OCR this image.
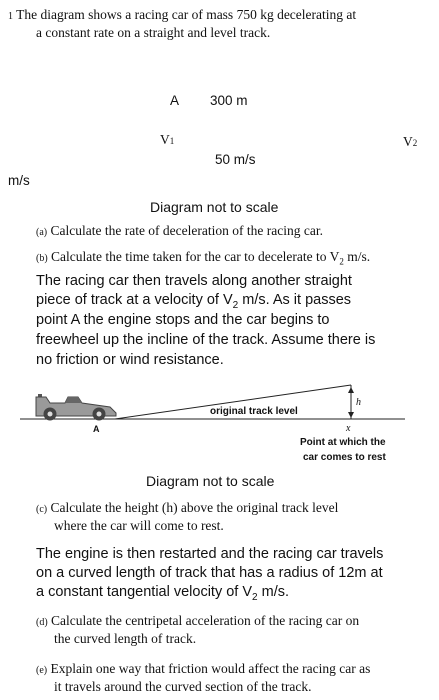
1 The diagram shows a racing car of mass 750 kg decelerating at
a constant rate on a straight and level track.
A 300 m
V1	V2
50 m/s
m/s
Diagram not to scale
(a) Calculate the rate of deceleration of the racing car.
(b) Calculate the time taken for the car to decelerate to $V_2$ m/s.
The racing car then travels along another straight
piece of track at a velocity of $V_2$ m/s. As it passes
point A the engine stops and the car begins to
freewheel up the incline of the track. Assume there is
no friction or wind resistance.
A
original track level
h
x
Point at which the
car comes to rest
Diagram not to scale
(c) Calculate the height (h) above the original track level
where the car will come to rest.
The engine is then restarted and the racing car travels
on a curved length of track that has a radius of 12m at
a constant tangential velocity of $V_2$ m/s.
(d) Calculate the centripetal acceleration of the racing car on
the curved length of track.
(e) Explain one way that friction would affect the racing car as
it travels around the curved section of the track.
